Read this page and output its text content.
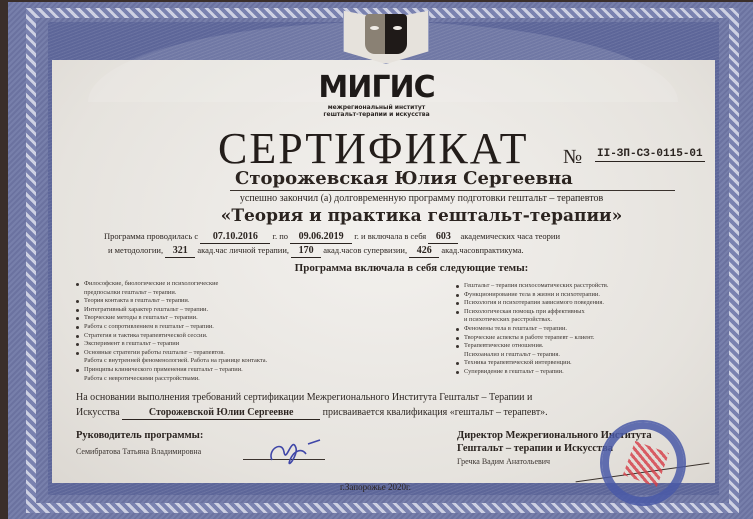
МИГИС
межрегиональный институт
гештальт-терапии и искусства
СЕРТИФИКАТ № II-ЗП-СЗ-0115-01
Сторожевская Юлия Сергеевна
успешно закончил (а) долговременную программу подготовки гештальт – терапевтов
«Теория и практика гештальт-терапии»
Программа проводилась с 07.10.2016 г. по 09.06.2019 г. и включала в себя 603 академических часа теории
и методологии, 321 акад.час личной терапии, 170 акад.часов супервизии, 426 акад.часовпрактикума.
Программа включала в себя следующие темы:
Философские, биологические и психологические
предпосылки гештальт – терапии.
Теория контакта в гештальт – терапии.
Интегративный характер гештальт – терапии.
Творческие методы в гештальт – терапии.
Работа с сопротивлением в гештальт – терапии.
Стратегия и тактика терапевтической сессии.
Эксперимент в гештальт – терапии
Основные стратегии работы гештальт – терапевтов.
Работа с внутренней феноменологией. Работа на границе контакта.
Принципы клинического применения гештальт – терапии.
Работа с невротическими расстройствами.
Гештальт – терапия психосоматических расстройств.
Функционирование тела в жизни и психотерапии.
Психология и психотерапия зависимого поведения.
Психологическая помощь при аффективных
и психотических расстройствах.
Феномены тела в гештальт – терапии.
Творческие аспекты в работе терапевт – клиент.
Терапевтические отношения.
Психоанализ и гештальт – терапия.
Техника терапевтической интервенции.
Супервидение в гештальт – терапии.
На основании выполнения требований сертификации Межрегионального Института Гештальт – Терапии и
Искусства	Сторожевской Юлии Сергеевне	присваивается квалификация «гештальт – терапевт».
Руководитель программы:
Семибратова Татьяна Владимировна
Директор Межрегионального Института
Гештальт – терапии и Искусства
Гречка Вадим Анатольевич
г.Запорожье 2020г.
